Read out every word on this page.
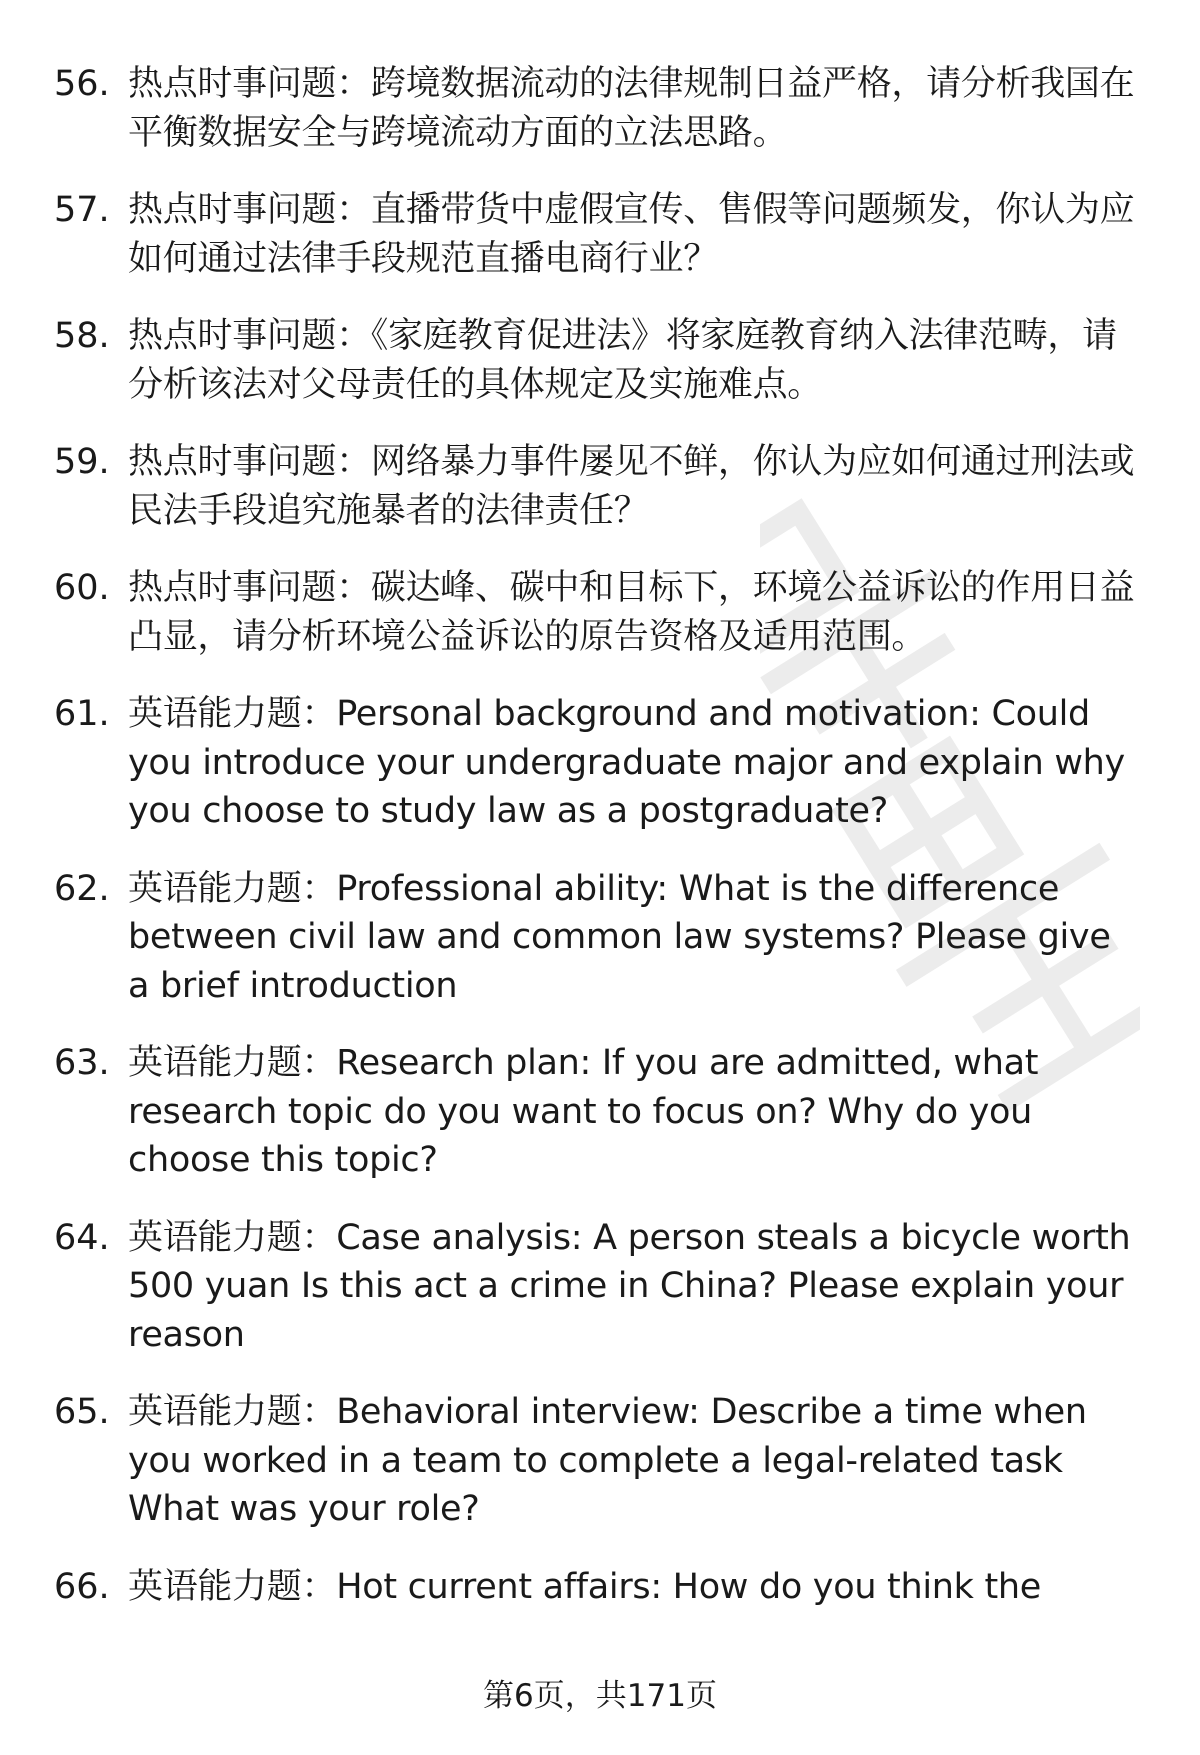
56. 热点时事问题：跨境数据流动的法律规制日益严格，请分析我国在平衡数据安全与跨境流动方面的立法思路。
57. 热点时事问题：直播带货中虚假宣传、售假等问题频发，你认为应如何通过法律手段规范直播电商行业？
58. 热点时事问题：《家庭教育促进法》将家庭教育纳入法律范畴，请分析该法对父母责任的具体规定及实施难点。
59. 热点时事问题：网络暴力事件屡见不鲜，你认为应如何通过刑法或民法手段追究施暴者的法律责任？
60. 热点时事问题：碳达峰、碳中和目标下，环境公益诉讼的作用日益凸显，请分析环境公益诉讼的原告资格及适用范围。
61. 英语能力题：Personal background and motivation: Could you introduce your undergraduate major and explain why you choose to study law as a postgraduate?
62. 英语能力题：Professional ability: What is the difference between civil law and common law systems? Please give a brief introduction
63. 英语能力题：Research plan: If you are admitted, what research topic do you want to focus on? Why do you choose this topic?
64. 英语能力题：Case analysis: A person steals a bicycle worth 500 yuan Is this act a crime in China? Please explain your reason
65. 英语能力题：Behavioral interview: Describe a time when you worked in a team to complete a legal-related task What was your role?
66. 英语能力题：Hot current affairs: How do you think the
第6页，共171页
